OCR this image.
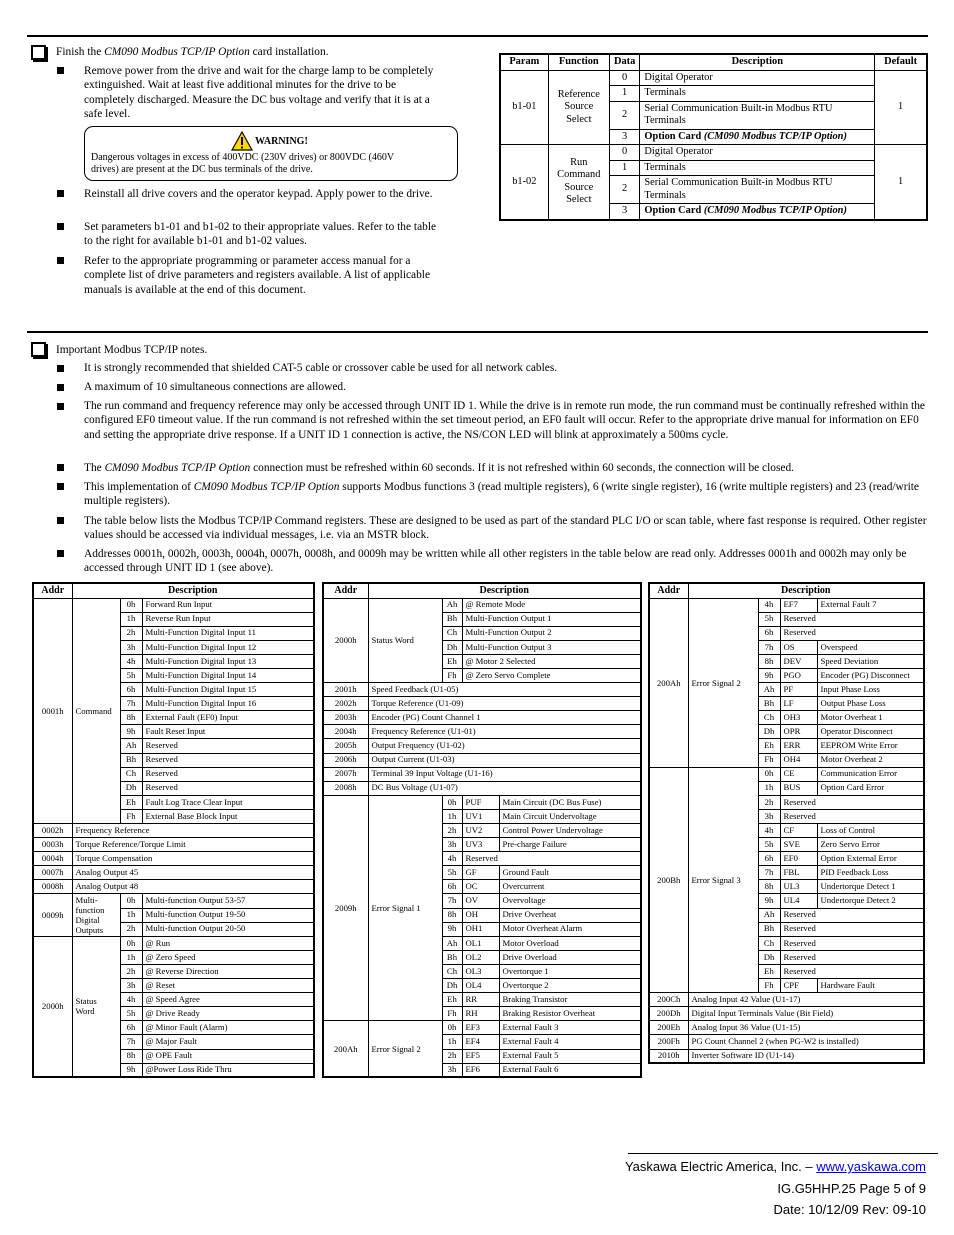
Finish the CM090 Modbus TCP/IP Option card installation.
Remove power from the drive and wait for the charge lamp to be completely extinguished. Wait at least five additional minutes for the drive to be completely discharged. Measure the DC bus voltage and verify that it is at a safe level.
WARNING!
Dangerous voltages in excess of 400VDC (230V drives) or 800VDC (460V drives) are present at the DC bus terminals of the drive.
Reinstall all drive covers and the operator keypad. Apply power to the drive.
Set parameters b1-01 and b1-02 to their appropriate values. Refer to the table to the right for available b1-01 and b1-02 values.
Refer to the appropriate programming or parameter access manual for a complete list of drive parameters and registers available. A list of applicable manuals is available at the end of this document.
Param	Function	Data	Description	Default
b1-01	Reference Source Select	0	Digital Operator	1
		1	Terminals	
		2	Serial Communication Built-in Modbus RTU Terminals	
		3	Option Card (CM090 Modbus TCP/IP Option)	
b1-02	Run Command Source Select	0	Digital Operator	1
		1	Terminals	
		2	Serial Communication Built-in Modbus RTU Terminals	
		3	Option Card (CM090 Modbus TCP/IP Option)	
Important Modbus TCP/IP notes.
It is strongly recommended that shielded CAT-5 cable or crossover cable be used for all network cables.
A maximum of 10 simultaneous connections are allowed.
The run command and frequency reference may only be accessed through UNIT ID 1. While the drive is in remote run mode, the run command must be continually refreshed within the configured EF0 timeout value. If the run command is not refreshed within the set timeout period, an EF0 fault will occur. Refer to the appropriate drive manual for information on EF0 and setting the appropriate drive response. If a UNIT ID 1 connection is active, the NS/CON LED will blink at approximately a 500ms cycle.
The CM090 Modbus TCP/IP Option connection must be refreshed within 60 seconds. If it is not refreshed within 60 seconds, the connection will be closed.
This implementation of CM090 Modbus TCP/IP Option supports Modbus functions 3 (read multiple registers), 6 (write single register), 16 (write multiple registers) and 23 (read/write multiple registers).
The table below lists the Modbus TCP/IP Command registers. These are designed to be used as part of the standard PLC I/O or scan table, where fast response is required. Other register values should be accessed via individual messages, i.e. via an MSTR block.
Addresses 0001h, 0002h, 0003h, 0004h, 0007h, 0008h, and 0009h may be written while all other registers in the table below are read only. Addresses 0001h and 0002h may only be accessed through UNIT ID 1 (see above).
Addr	Description		
0001h	Command	0h	Forward Run Input
		1h	Reverse Run Input
		2h	Multi-Function Digital Input 11
		3h	Multi-Function Digital Input 12
		4h	Multi-Function Digital Input 13
		5h	Multi-Function Digital Input 14
		6h	Multi-Function Digital Input 15
		7h	Multi-Function Digital Input 16
		8h	External Fault (EF0) Input
		9h	Fault Reset Input
		Ah	Reserved
		Bh	Reserved
		Ch	Reserved
		Dh	Reserved
		Eh	Fault Log Trace Clear Input
		Fh	External Base Block Input
0002h	Frequency Reference		
0003h	Torque Reference/Torque Limit		
0004h	Torque Compensation		
0007h	Analog Output 45		
0008h	Analog Output 48		
0009h	Multi-function Digital Outputs	0h	Multi-function Output 53-57
		1h	Multi-function Output 19-50
		2h	Multi-function Output 20-50
2000h	Status Word	0h	@ Run
		1h	@ Zero Speed
		2h	@ Reverse Direction
		3h	@ Reset
		4h	@ Speed Agree
		5h	@ Drive Ready
		6h	@ Minor Fault (Alarm)
		7h	@ Major Fault
		8h	@ OPE Fault
		9h	@Power Loss Ride Thru
Addr	Description			
2000h	Status Word	Ah	@ Remote Mode	
		Bh	Multi-Function Output 1	
		Ch	Multi-Function Output 2	
		Dh	Multi-Function Output 3	
		Eh	@ Motor 2 Selected	
		Fh	@ Zero Servo Complete	
2001h	Speed Feedback (U1-05)			
2002h	Torque Reference (U1-09)			
2003h	Encoder (PG) Count Channel 1			
2004h	Frequency Reference (U1-01)			
2005h	Output Frequency (U1-02)			
2006h	Output Current (U1-03)			
2007h	Terminal 39 Input Voltage (U1-16)			
2008h	DC Bus Voltage (U1-07)			
2009h	Error Signal 1	0h	PUF	Main Circuit (DC Bus Fuse)
		1h	UV1	Main Circuit Undervoltage
		2h	UV2	Control Power Undervoltage
		3h	UV3	Pre-charge Failure
		4h	Reserved	
		5h	GF	Ground Fault
		6h	OC	Overcurrent
		7h	OV	Overvoltage
		8h	OH	Drive Overheat
		9h	OH1	Motor Overheat Alarm
		Ah	OL1	Motor Overload
		Bh	OL2	Drive Overload
		Ch	OL3	Overtorque 1
		Dh	OL4	Overtorque 2
		Eh	RR	Braking Transistor
		Fh	RH	Braking Resistor Overheat
200Ah	Error Signal 2	0h	EF3	External Fault 3
		1h	EF4	External Fault 4
		2h	EF5	External Fault 5
		3h	EF6	External Fault 6
Addr	Description			
200Ah	Error Signal 2	4h	EF7	External Fault 7
		5h	Reserved	
		6h	Reserved	
		7h	OS	Overspeed
		8h	DEV	Speed Deviation
		9h	PGO	Encoder (PG) Disconnect
		Ah	PF	Input Phase Loss
		Bh	LF	Output Phase Loss
		Ch	OH3	Motor Overheat 1
		Dh	OPR	Operator Disconnect
		Eh	ERR	EEPROM Write Error
		Fh	OH4	Motor Overheat 2
200Bh	Error Signal 3	0h	CE	Communication Error
		1h	BUS	Option Card Error
		2h	Reserved	
		3h	Reserved	
		4h	CF	Loss of Control
		5h	SVE	Zero Servo Error
		6h	EF0	Option External Error
		7h	FBL	PID Feedback Loss
		8h	UL3	Undertorque Detect 1
		9h	UL4	Undertorque Detect 2
		Ah	Reserved	
		Bh	Reserved	
		Ch	Reserved	
		Dh	Reserved	
		Eh	Reserved	
		Fh	CPF	Hardware Fault
200Ch	Analog Input 42 Value (U1-17)			
200Dh	Digital Input Terminals Value (Bit Field)			
200Eh	Analog Input 36 Value (U1-15)			
200Fh	PG Count Channel 2 (when PG-W2 is installed)			
2010h	Inverter Software ID (U1-14)			
Yaskawa Electric America, Inc. – www.yaskawa.com
IG.G5HHP.25 Page 5 of 9
Date: 10/12/09 Rev: 09-10
